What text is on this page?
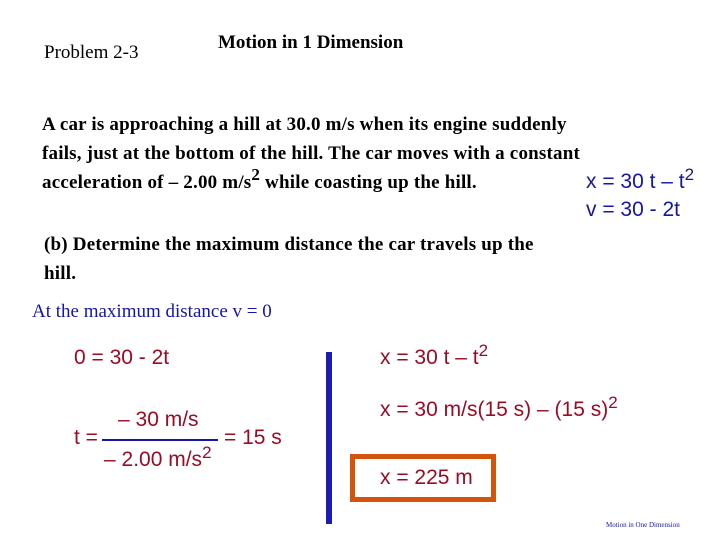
Problem 2-3	Motion in 1 Dimension
A car is approaching a hill at 30.0 m/s when its engine suddenly
fails, just at the bottom of the hill. The car moves with a constant
acceleration of – 2.00 $m/s^2$ while coasting up the hill.	x = 30 t – $t^2$
v = 30 - 2t
(b) Determine the maximum distance the car travels up the
hill.
At the maximum distance v = 0
0 = 30 - 2t
t =
– 30 m/s
– 2.00 $m/s^2$
= 15 s
x = 30 t – $t^2$
x = 30 m/s(15 s) – (15 s)$^2$
x = 225 m
Motion in One Dimension
